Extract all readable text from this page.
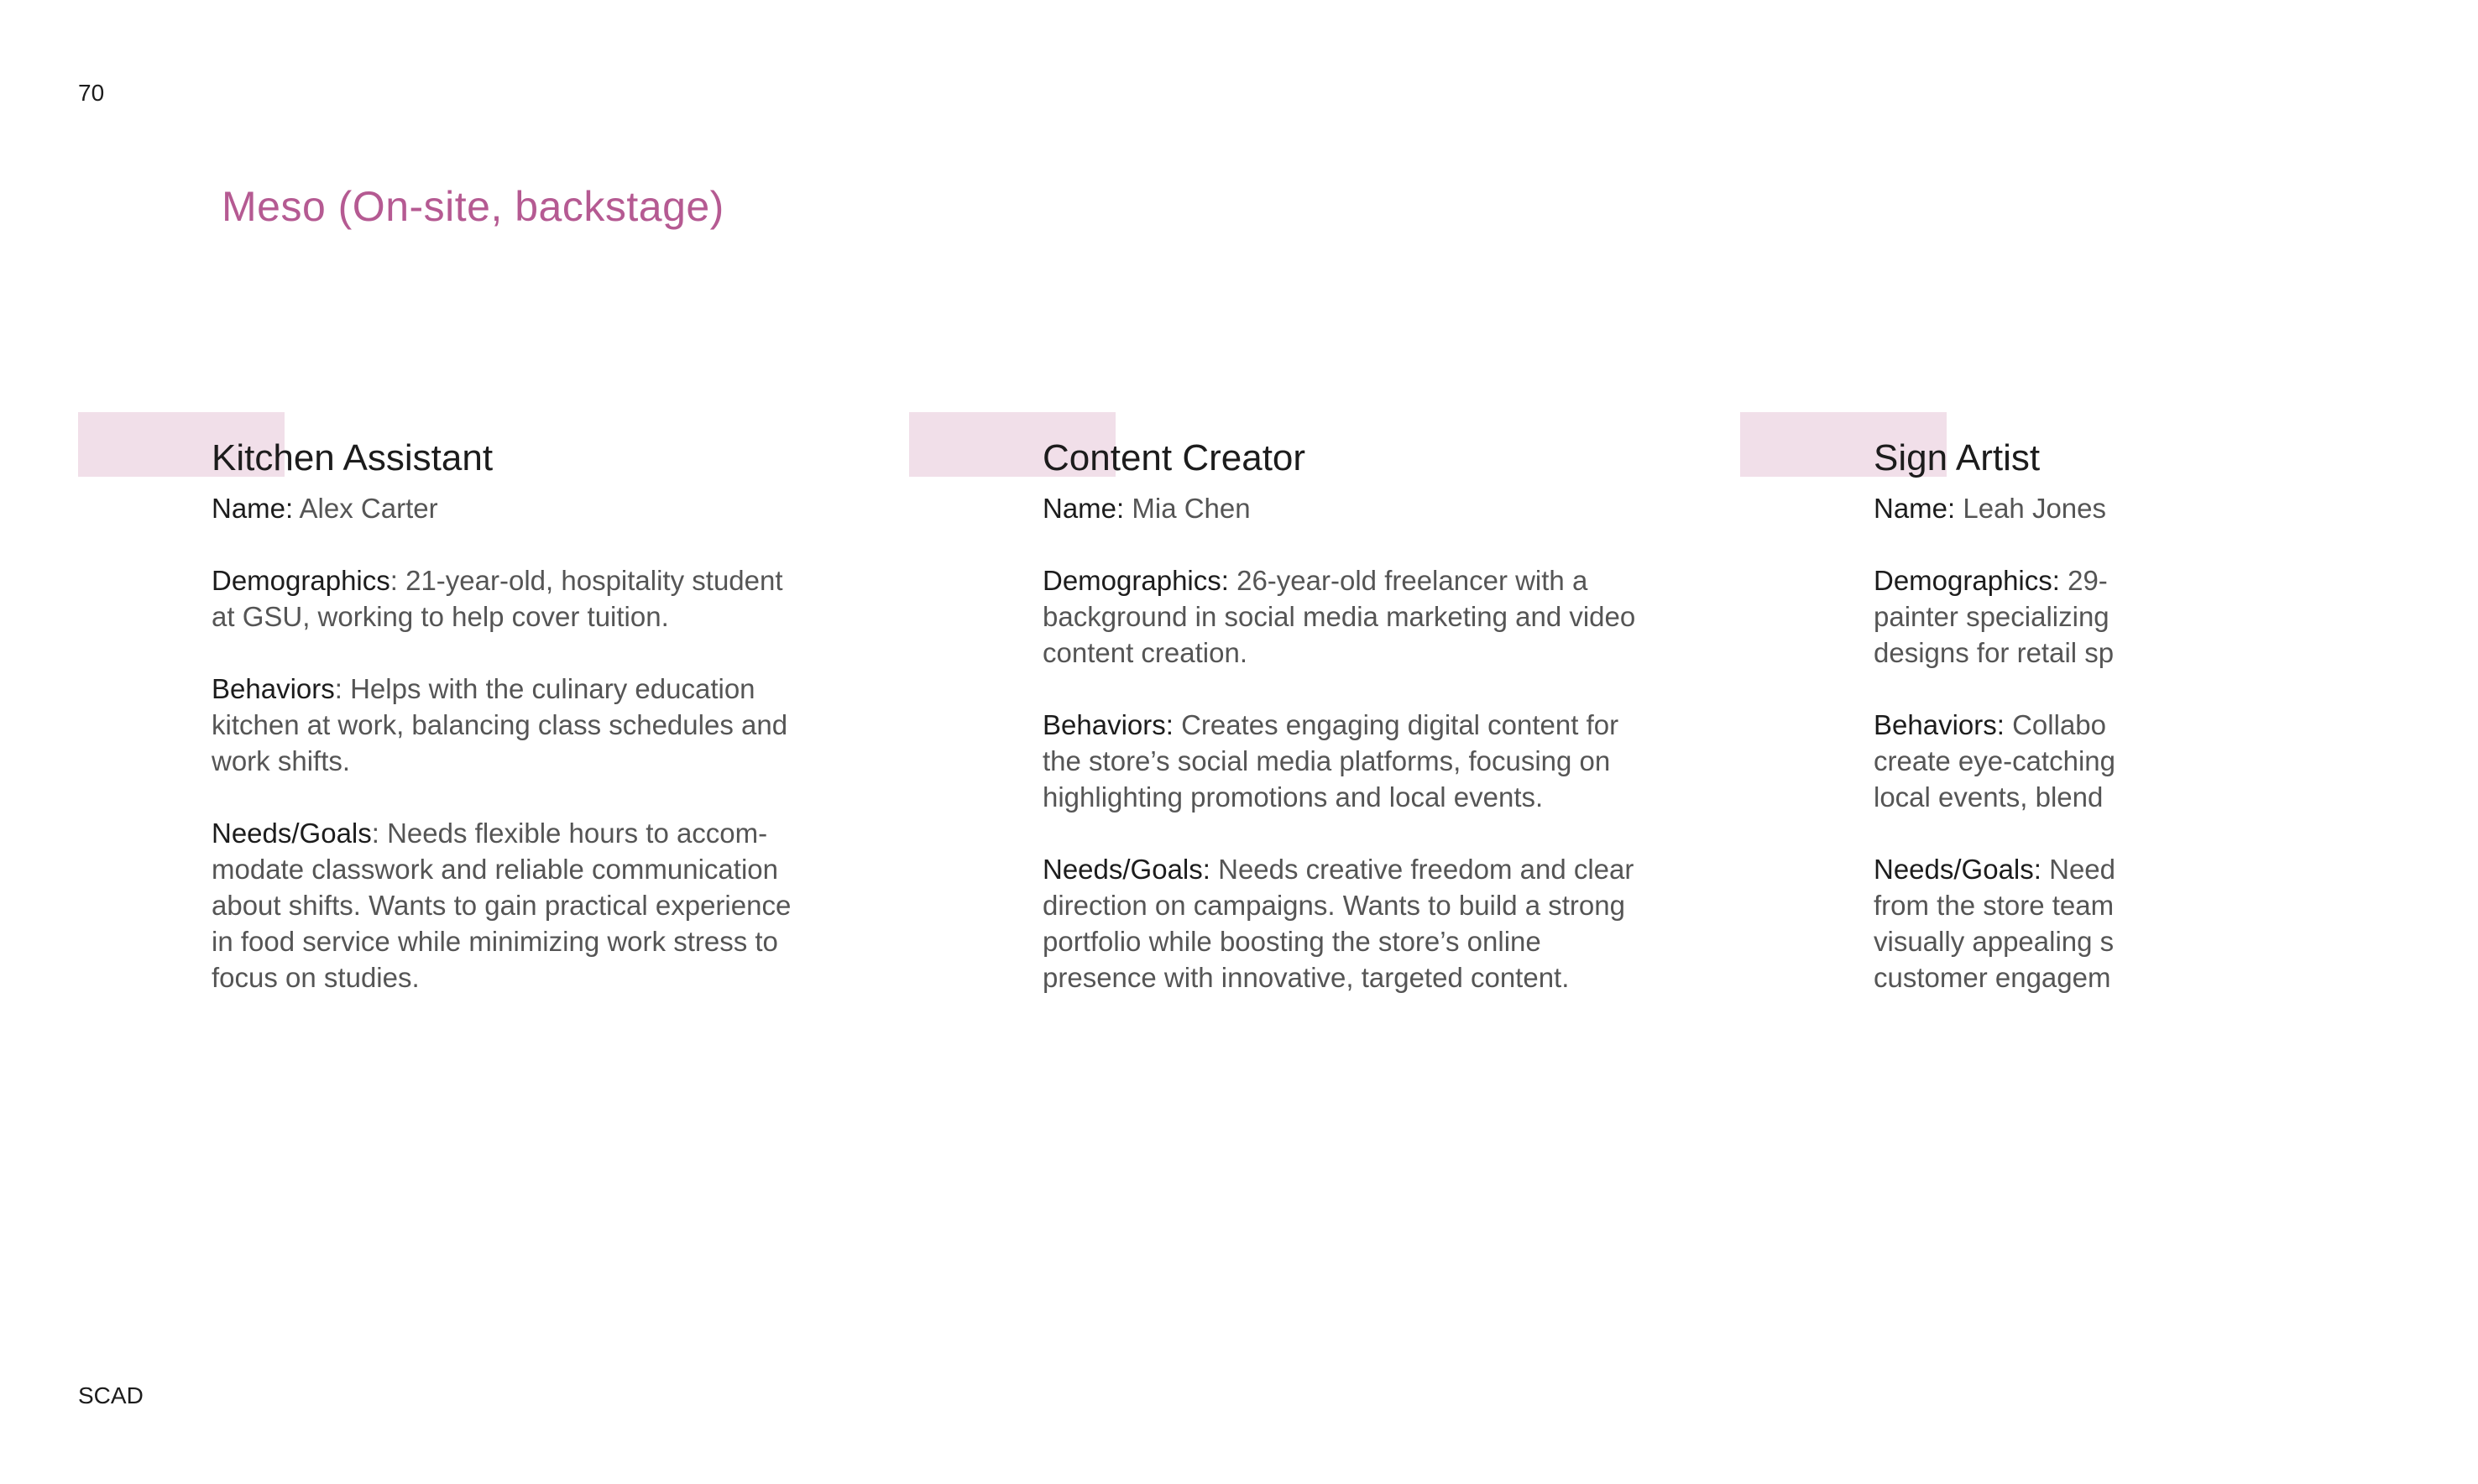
70
Meso (On-site, backstage)
Kitchen Assistant
Name: Alex Carter
Demographics: 21-year-old, hospitality student
at GSU, working to help cover tuition.
Behaviors: Helps with the culinary education
kitchen at work, balancing class schedules and
work shifts.
Needs/Goals: Needs flexible hours to accom-
modate classwork and reliable communication
about shifts. Wants to gain practical experience
in food service while minimizing work stress to
focus on studies.
Content Creator
Name: Mia Chen
Demographics: 26-year-old freelancer with a
background in social media marketing and video
content creation.
Behaviors: Creates engaging digital content for
the store’s social media platforms, focusing on
highlighting promotions and local events.
Needs/Goals: Needs creative freedom and clear
direction on campaigns. Wants to build a strong
portfolio while boosting the store’s online
presence with innovative, targeted content.
Sign Artist
Name: Leah Jones
Demographics: 29-
painter specializing
designs for retail sp
Behaviors: Collabo
create eye-catching
local events, blend
Needs/Goals: Need
from the store team
visually appealing s
customer engagem
SCAD
